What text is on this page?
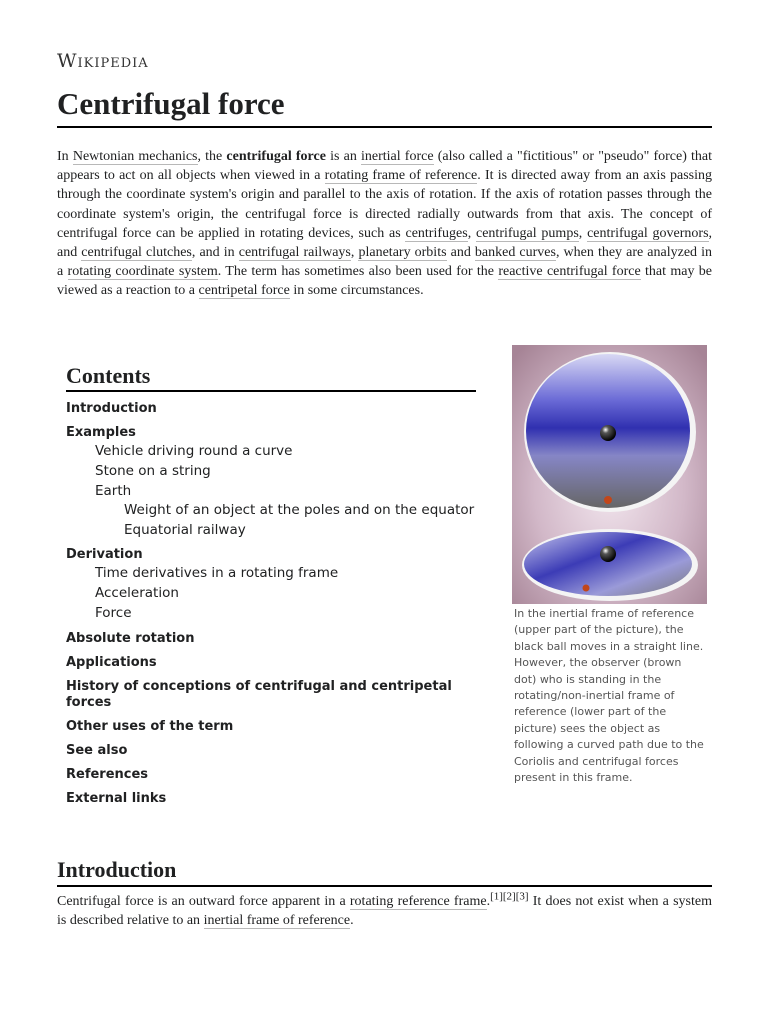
Wikipedia
Centrifugal force

In Newtonian mechanics, the centrifugal force is an inertial force (also called a "fictitious" or "pseudo" force) that appears to act on all objects when viewed in a rotating frame of reference. It is directed away from an axis passing through the coordinate system's origin and parallel to the axis of rotation. If the axis of rotation passes through the coordinate system's origin, the centrifugal force is directed radially outwards from that axis. The concept of centrifugal force can be applied in rotating devices, such as centrifuges, centrifugal pumps, centrifugal governors, and centrifugal clutches, and in centrifugal railways, planetary orbits and banked curves, when they are analyzed in a rotating coordinate system. The term has sometimes also been used for the reactive centrifugal force that may be viewed as a reaction to a centripetal force in some circumstances.

Contents
Introduction
Examples
Vehicle driving round a curve
Stone on a string
Earth
Weight of an object at the poles and on the equator
Equatorial railway
Derivation
Time derivatives in a rotating frame
Acceleration
Force
Absolute rotation
Applications
History of conceptions of centrifugal and centripetal forces
Other uses of the term
See also
References
External links
In the inertial frame of reference (upper part of the picture), the black ball moves in a straight line. However, the observer (brown dot) who is standing in the rotating/non-inertial frame of reference (lower part of the picture) sees the object as following a curved path due to the Coriolis and centrifugal forces present in this frame.
Introduction

Centrifugal force is an outward force apparent in a rotating reference frame.[1][2][3] It does not exist when a system is described relative to an inertial frame of reference.
